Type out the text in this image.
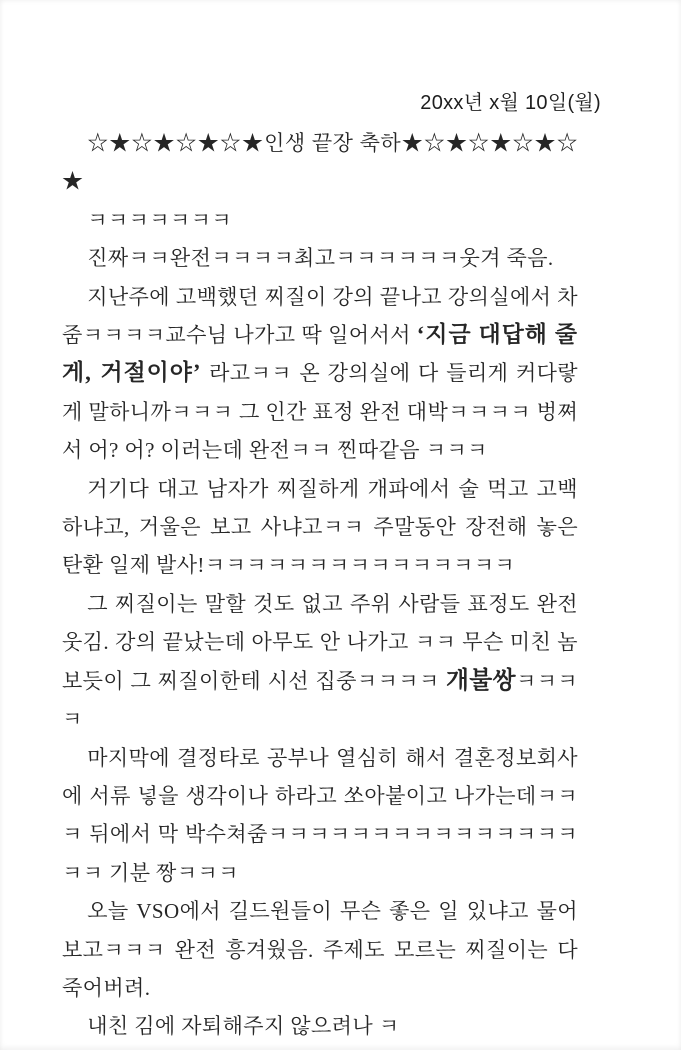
20xx년 x월 10일(월)

☆★☆★☆★☆★인생 끝장 축하★☆★☆★☆★☆★

ㅋㅋㅋㅋㅋㅋㅋ

진짜ㅋㅋ완전ㅋㅋㅋㅋ최고ㅋㅋㅋㅋㅋㅋ웃겨 죽음.

지난주에 고백했던 찌질이 강의 끝나고 강의실에서 차줌ㅋㅋㅋㅋ교수님 나가고 딱 일어서서 ‘지금 대답해 줄게, 거절이야’ 라고ㅋㅋ 온 강의실에 다 들리게 커다랗게 말하니까ㅋㅋㅋ 그 인간 표정 완전 대박ㅋㅋㅋㅋ 벙쪄서 어? 어? 이러는데 완전ㅋㅋ 찐따같음 ㅋㅋㅋ

거기다 대고 남자가 찌질하게 개파에서 술 먹고 고백 하냐고, 거울은 보고 사냐고ㅋㅋ 주말동안 장전해 놓은 탄환 일제 발사!ㅋㅋㅋㅋㅋㅋㅋㅋㅋㅋㅋㅋㅋㅋㅋ

그 찌질이는 말할 것도 없고 주위 사람들 표정도 완전 웃김. 강의 끝났는데 아무도 안 나가고 ㅋㅋ 무슨 미친 놈 보듯이 그 찌질이한테 시선 집중ㅋㅋㅋㅋ 개불쌍ㅋㅋㅋㅋ

마지막에 결정타로 공부나 열심히 해서 결혼정보회사에 서류 넣을 생각이나 하라고 쏘아붙이고 나가는데ㅋㅋㅋ 뒤에서 막 박수쳐줌ㅋㅋㅋㅋㅋㅋㅋㅋㅋㅋㅋㅋㅋㅋㅋㅋㅋ 기분 짱ㅋㅋㅋ

오늘 VSO에서 길드원들이 무슨 좋은 일 있냐고 물어보고ㅋㅋㅋ 완전 흥겨웠음. 주제도 모르는 찌질이는 다 죽어버려.

내친 김에 자퇴해주지 않으려나 ㅋ
